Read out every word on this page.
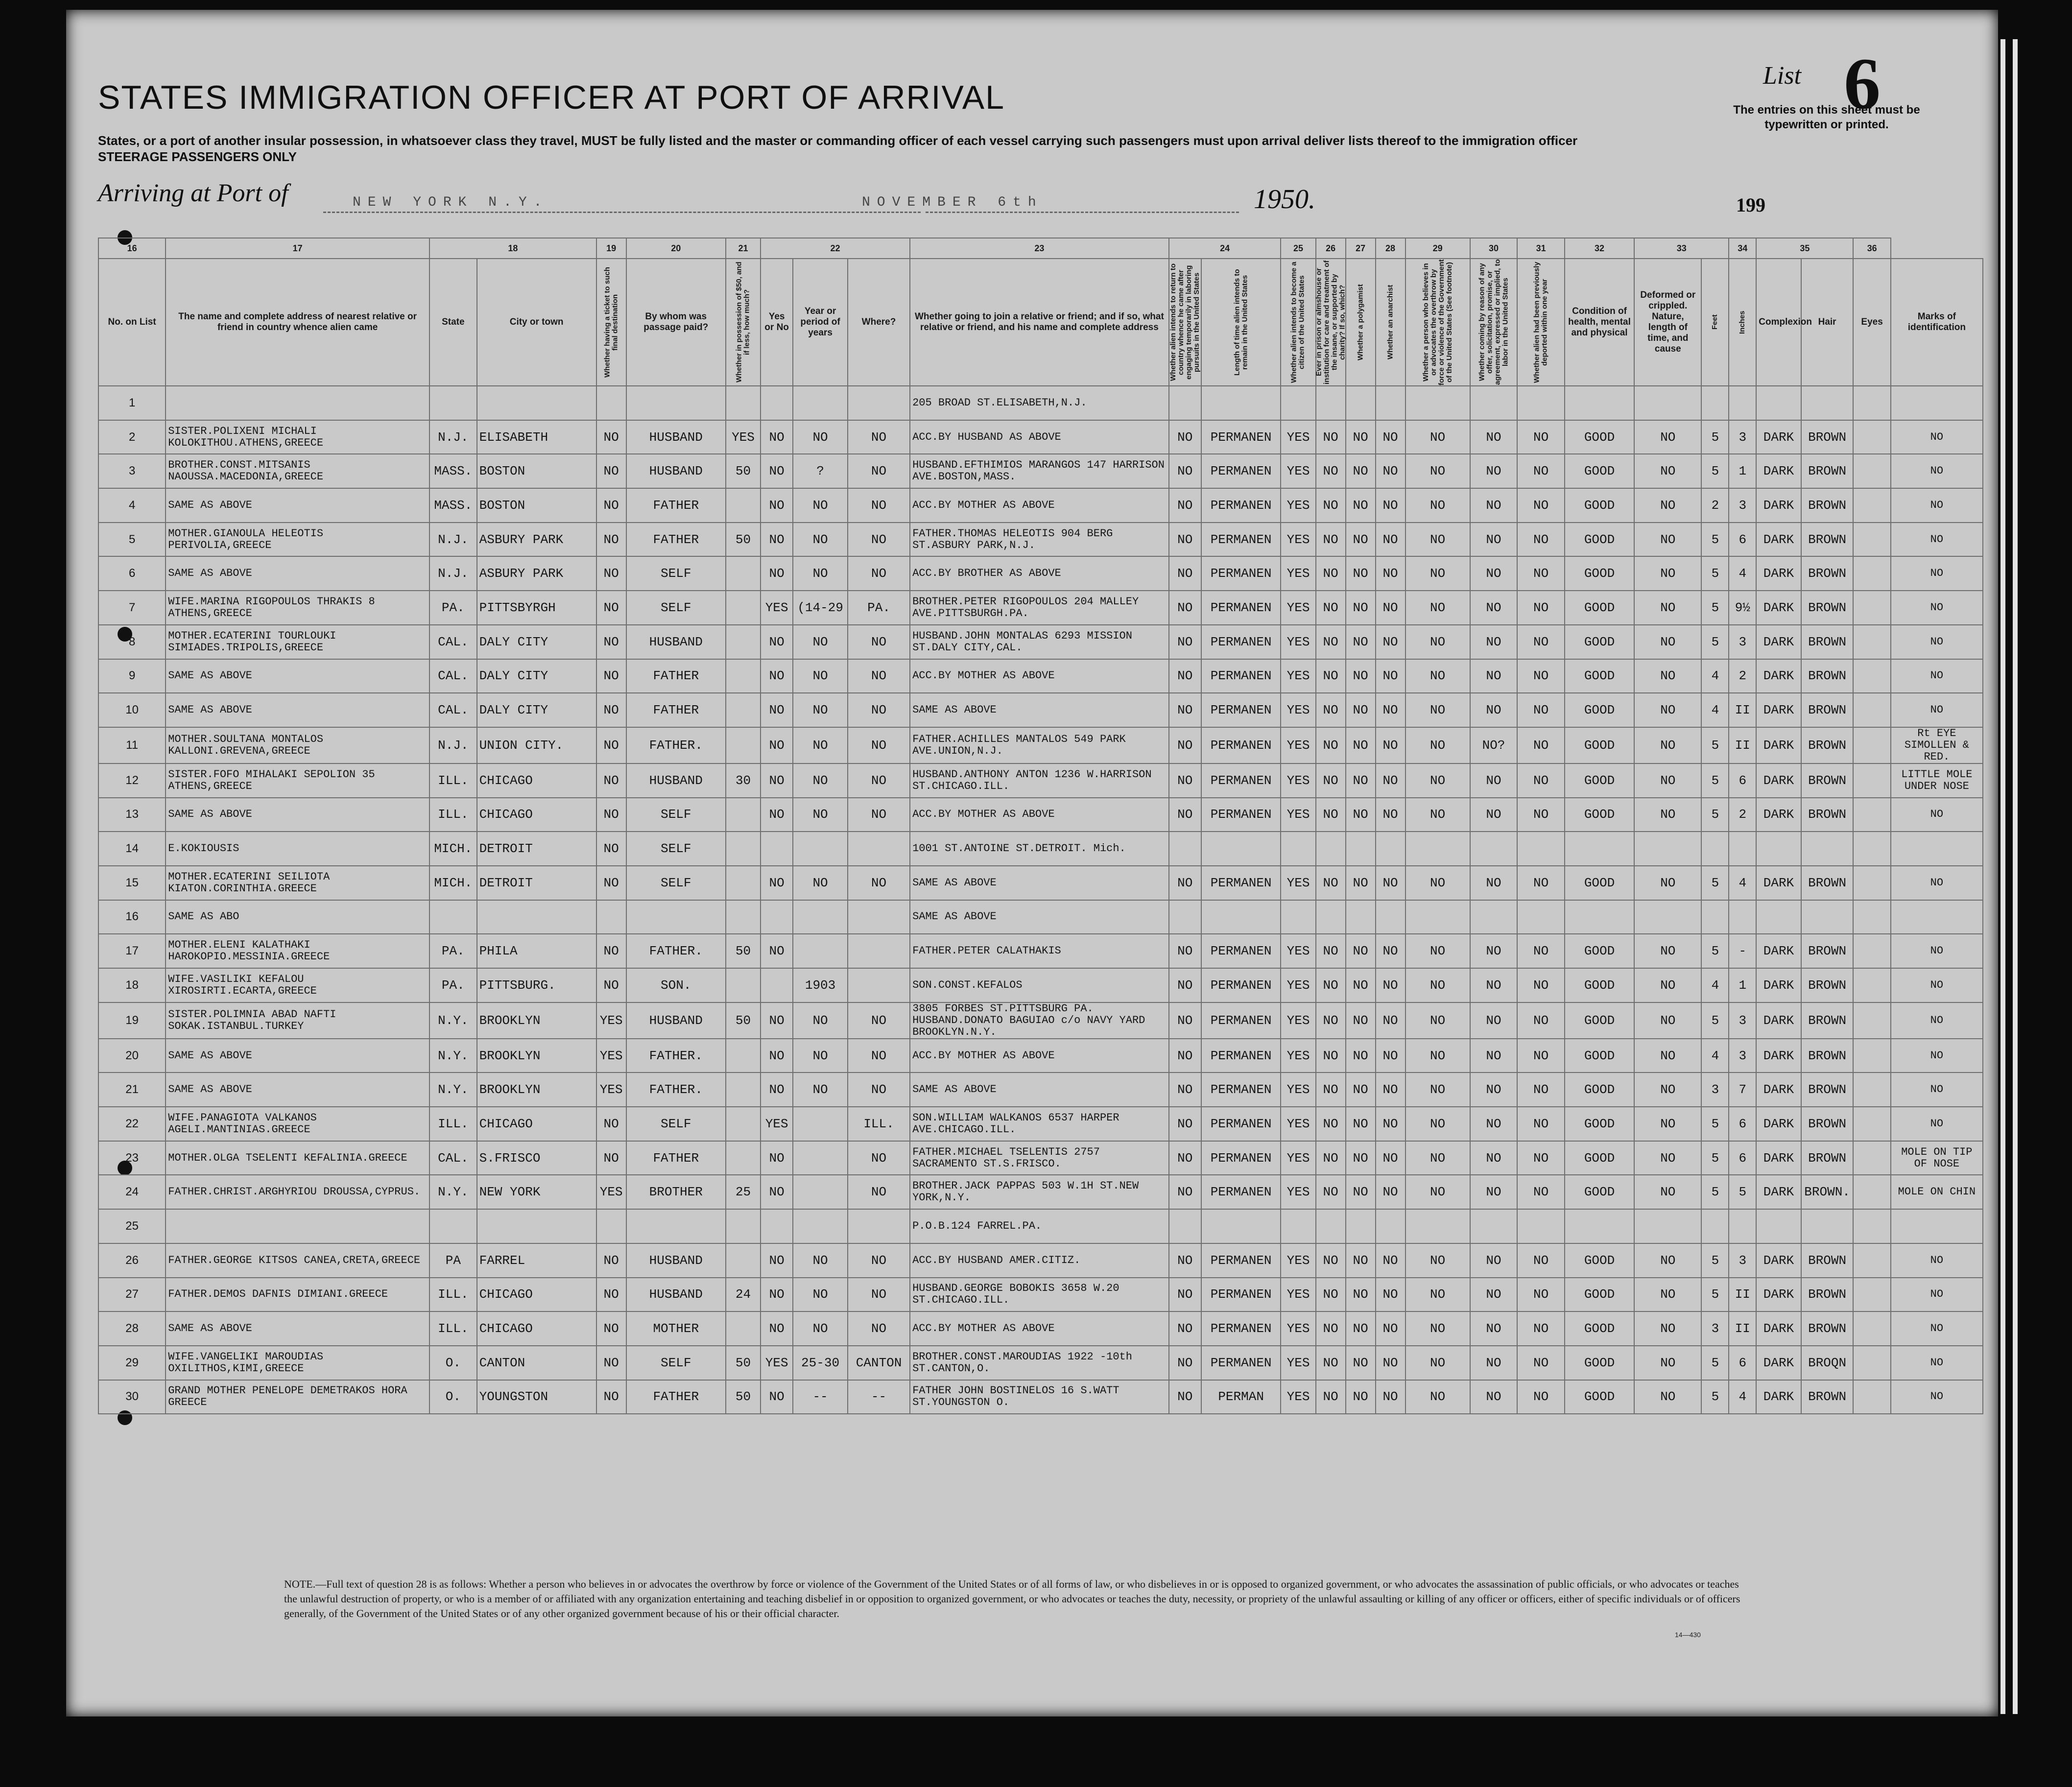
STATES IMMIGRATION OFFICER AT PORT OF ARRIVAL
States, or a port of another insular possession, in whatsoever class they travel, MUST be fully listed and the master or commanding officer of each vessel carrying such passengers must upon arrival deliver lists thereof to the immigration officer
STEERAGE PASSENGERS ONLY
Arriving at Port of	NEW YORK N.Y.	NOVEMBER 6th	1950.	199
List 6
The entries on this sheet must be typewritten or printed.
16	17	18		19	20	21	22			23	24		25	26	27	28	29	30	31	32	33		34	35		36	
No. on List	The name and complete address of nearest relative or friend in country whence alien came	State	City or town	Whether having a ticket to such final destination	By whom was passage paid?	Whether in possession of $50, and if less, how much?	Yes or No	Year or period of years	Where?	Whether going to join a relative or friend; and if so, what relative or friend, and his name and complete address	Whether alien intends to return to country whence he came after engaging temporarily in laboring pursuits in the United States	Length of time alien intends to remain in the United States	Whether alien intends to become a citizen of the United States	Ever in prison or almshouse or institution for care and treatment of the insane, or supported by charity? If so, which?	Whether a polygamist	Whether an anarchist	Whether a person who believes in or advocates the overthrow by force or violence of the Government of the United States (See footnote)	Whether coming by reason of any offer, solicitation, promise, or agreement, expressed or implied, to labor in the United States	Whether alien had been previously deported within one year	Condition of health, mental and physical	Deformed or crippled. Nature, length of time, and cause	Feet	Inches	Complexion	Hair	Eyes	Marks of identification
1										205 BROAD ST.ELISABETH,N.J.																	
2	SISTER.POLIXENI MICHALI KOLOKITHOU.ATHENS,GREECE	N.J.	ELISABETH	NO	HUSBAND	YES	NO	NO	NO	ACC.BY HUSBAND AS ABOVE	NO	PERMANEN	YES	NO	NO	NO	NO	NO	NO	GOOD	NO	5	3	DARK	BROWN		NO
3	BROTHER.CONST.MITSANIS NAOUSSA.MACEDONIA,GREECE	MASS.	BOSTON	NO	HUSBAND	50	NO	?	NO	HUSBAND.EFTHIMIOS MARANGOS 147 HARRISON AVE.BOSTON,MASS.	NO	PERMANEN	YES	NO	NO	NO	NO	NO	NO	GOOD	NO	5	1	DARK	BROWN		NO
4	SAME AS ABOVE	MASS.	BOSTON	NO	FATHER		NO	NO	NO	ACC.BY MOTHER AS ABOVE	NO	PERMANEN	YES	NO	NO	NO	NO	NO	NO	GOOD	NO	2	3	DARK	BROWN		NO
5	MOTHER.GIANOULA HELEOTIS PERIVOLIA,GREECE	N.J.	ASBURY PARK	NO	FATHER	50	NO	NO	NO	FATHER.THOMAS HELEOTIS 904 BERG ST.ASBURY PARK,N.J.	NO	PERMANEN	YES	NO	NO	NO	NO	NO	NO	GOOD	NO	5	6	DARK	BROWN		NO
6	SAME AS ABOVE	N.J.	ASBURY PARK	NO	SELF		NO	NO	NO	ACC.BY BROTHER AS ABOVE	NO	PERMANEN	YES	NO	NO	NO	NO	NO	NO	GOOD	NO	5	4	DARK	BROWN		NO
7	WIFE.MARINA RIGOPOULOS THRAKIS 8 ATHENS,GREECE	PA.	PITTSBYRGH	NO	SELF		YES	(14-29	PA.	BROTHER.PETER RIGOPOULOS 204 MALLEY AVE.PITTSBURGH.PA.	NO	PERMANEN	YES	NO	NO	NO	NO	NO	NO	GOOD	NO	5	9½	DARK	BROWN		NO
8	MOTHER.ECATERINI TOURLOUKI SIMIADES.TRIPOLIS,GREECE	CAL.	DALY CITY	NO	HUSBAND		NO	NO	NO	HUSBAND.JOHN MONTALAS 6293 MISSION ST.DALY CITY,CAL.	NO	PERMANEN	YES	NO	NO	NO	NO	NO	NO	GOOD	NO	5	3	DARK	BROWN		NO
9	SAME AS ABOVE	CAL.	DALY CITY	NO	FATHER		NO	NO	NO	ACC.BY MOTHER AS ABOVE	NO	PERMANEN	YES	NO	NO	NO	NO	NO	NO	GOOD	NO	4	2	DARK	BROWN		NO
10	SAME AS ABOVE	CAL.	DALY CITY	NO	FATHER		NO	NO	NO	SAME AS ABOVE	NO	PERMANEN	YES	NO	NO	NO	NO	NO	NO	GOOD	NO	4	II	DARK	BROWN		NO
11	MOTHER.SOULTANA MONTALOS KALLONI.GREVENA,GREECE	N.J.	UNION CITY.	NO	FATHER.		NO	NO	NO	FATHER.ACHILLES MANTALOS 549 PARK AVE.UNION,N.J.	NO	PERMANEN	YES	NO	NO	NO	NO	NO?	NO	GOOD	NO	5	II	DARK	BROWN		Rt EYE SIMOLLEN & RED.
12	SISTER.FOFO MIHALAKI SEPOLION 35 ATHENS,GREECE	ILL.	CHICAGO	NO	HUSBAND	30	NO	NO	NO	HUSBAND.ANTHONY ANTON 1236 W.HARRISON ST.CHICAGO.ILL.	NO	PERMANEN	YES	NO	NO	NO	NO	NO	NO	GOOD	NO	5	6	DARK	BROWN		LITTLE MOLE UNDER NOSE
13	SAME AS ABOVE	ILL.	CHICAGO	NO	SELF		NO	NO	NO	ACC.BY MOTHER AS ABOVE	NO	PERMANEN	YES	NO	NO	NO	NO	NO	NO	GOOD	NO	5	2	DARK	BROWN		NO
14	E.KOKIOUSIS	MICH.	DETROIT	NO	SELF					1001 ST.ANTOINE ST.DETROIT. Mich.																	
15	MOTHER.ECATERINI SEILIOTA KIATON.CORINTHIA.GREECE	MICH.	DETROIT	NO	SELF		NO	NO	NO	SAME AS ABOVE	NO	PERMANEN	YES	NO	NO	NO	NO	NO	NO	GOOD	NO	5	4	DARK	BROWN		NO
16	SAME AS ABO									SAME AS ABOVE																	
17	MOTHER.ELENI KALATHAKI HAROKOPIO.MESSINIA.GREECE	PA.	PHILA	NO	FATHER.	50	NO			FATHER.PETER CALATHAKIS	NO	PERMANEN	YES	NO	NO	NO	NO	NO	NO	GOOD	NO	5	-	DARK	BROWN		NO
18	WIFE.VASILIKI KEFALOU XIROSIRTI.ECARTA,GREECE	PA.	PITTSBURG.	NO	SON.			1903		SON.CONST.KEFALOS	NO	PERMANEN	YES	NO	NO	NO	NO	NO	NO	GOOD	NO	4	1	DARK	BROWN		NO
19	SISTER.POLIMNIA ABAD NAFTI SOKAK.ISTANBUL.TURKEY	N.Y.	BROOKLYN	YES	HUSBAND	50	NO	NO	NO	3805 FORBES ST.PITTSBURG PA. HUSBAND.DONATO BAGUIAO c/o NAVY YARD BROOKLYN.N.Y.	NO	PERMANEN	YES	NO	NO	NO	NO	NO	NO	GOOD	NO	5	3	DARK	BROWN		NO
20	SAME AS ABOVE	N.Y.	BROOKLYN	YES	FATHER.		NO	NO	NO	ACC.BY MOTHER AS ABOVE	NO	PERMANEN	YES	NO	NO	NO	NO	NO	NO	GOOD	NO	4	3	DARK	BROWN		NO
21	SAME AS ABOVE	N.Y.	BROOKLYN	YES	FATHER.		NO	NO	NO	SAME AS ABOVE	NO	PERMANEN	YES	NO	NO	NO	NO	NO	NO	GOOD	NO	3	7	DARK	BROWN		NO
22	WIFE.PANAGIOTA VALKANOS AGELI.MANTINIAS.GREECE	ILL.	CHICAGO	NO	SELF		YES		ILL.	SON.WILLIAM WALKANOS 6537 HARPER AVE.CHICAGO.ILL.	NO	PERMANEN	YES	NO	NO	NO	NO	NO	NO	GOOD	NO	5	6	DARK	BROWN		NO
23	MOTHER.OLGA TSELENTI KEFALINIA.GREECE	CAL.	S.FRISCO	NO	FATHER		NO		NO	FATHER.MICHAEL TSELENTIS 2757 SACRAMENTO ST.S.FRISCO.	NO	PERMANEN	YES	NO	NO	NO	NO	NO	NO	GOOD	NO	5	6	DARK	BROWN		MOLE ON TIP OF NOSE
24	FATHER.CHRIST.ARGHYRIOU DROUSSA,CYPRUS.	N.Y.	NEW YORK	YES	BROTHER	25	NO		NO	BROTHER.JACK PAPPAS 503 W.1H ST.NEW YORK,N.Y.	NO	PERMANEN	YES	NO	NO	NO	NO	NO	NO	GOOD	NO	5	5	DARK	BROWN.		MOLE ON CHIN
25										P.O.B.124 FARREL.PA.																	
26	FATHER.GEORGE KITSOS CANEA,CRETA,GREECE	PA	FARREL	NO	HUSBAND		NO	NO	NO	ACC.BY HUSBAND AMER.CITIZ.	NO	PERMANEN	YES	NO	NO	NO	NO	NO	NO	GOOD	NO	5	3	DARK	BROWN		NO
27	FATHER.DEMOS DAFNIS DIMIANI.GREECE	ILL.	CHICAGO	NO	HUSBAND	24	NO	NO	NO	HUSBAND.GEORGE BOBOKIS 3658 W.20 ST.CHICAGO.ILL.	NO	PERMANEN	YES	NO	NO	NO	NO	NO	NO	GOOD	NO	5	II	DARK	BROWN		NO
28	SAME AS ABOVE	ILL.	CHICAGO	NO	MOTHER		NO	NO	NO	ACC.BY MOTHER AS ABOVE	NO	PERMANEN	YES	NO	NO	NO	NO	NO	NO	GOOD	NO	3	II	DARK	BROWN		NO
29	WIFE.VANGELIKI MAROUDIAS OXILITHOS,KIMI,GREECE	O.	CANTON	NO	SELF	50	YES	25-30	CANTON	BROTHER.CONST.MAROUDIAS 1922 -10th ST.CANTON,O.	NO	PERMANEN	YES	NO	NO	NO	NO	NO	NO	GOOD	NO	5	6	DARK	BROQN		NO
30	GRAND MOTHER PENELOPE DEMETRAKOS HORA GREECE	O.	YOUNGSTON	NO	FATHER	50	NO	--	--	FATHER JOHN BOSTINELOS 16 S.WATT ST.YOUNGSTON O.	NO	PERMAN	YES	NO	NO	NO	NO	NO	NO	GOOD	NO	5	4	DARK	BROWN		NO
NOTE.—Full text of question 28 is as follows: Whether a person who believes in or advocates the overthrow by force or violence of the Government of the United States or of all forms of law, or who disbelieves in or is opposed to organized government, or who advocates the assassination of public officials, or who advocates or teaches the unlawful destruction of property, or who is a member of or affiliated with any organization entertaining and teaching disbelief in or opposition to organized government, or who advocates or teaches the duty, necessity, or propriety of the unlawful assaulting or killing of any officer or officers, either of specific individuals or of officers generally, of the Government of the United States or of any other organized government because of his or their official character.
14—430
